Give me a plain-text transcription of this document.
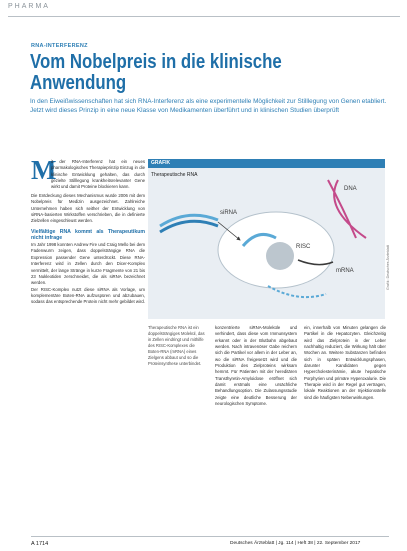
PHARMA
RNA-INTERFERENZ
Vom Nobelpreis in die klinische
Anwendung
In den Eiweißwissenschaften hat sich RNA-Interferenz als eine experimentelle Möglichkeit zur Stilllegung von Genen etabliert. Jetzt wird dieses Prinzip in eine neue Klasse von Medikamenten überführt und in klinischen Studien überprüft
M

it der RNA-Interferenz hat ein neues pharmakologisches Therapieprinzip Einzug in die klinische Entwicklung gehalten, das durch gezielte Stilllegung krankheitsrelevanter Gene wirkt und damit Proteine blockieren kann.

Die Entdeckung dieses Mechanismus wurde 2006 mit dem Nobelpreis für Medizin ausgezeichnet. Zahlreiche Unternehmen haben sich seither der Entwicklung von siRNA-basierten Wirkstoffen verschrieben, die in definierte Zielzellen eingeschleust werden.

Vielfältige RNA kommt als Therapeutikum nicht infrage

Im Jahr 1998 konnten Andrew Fire und Craig Mello bei dem Fadenwurm zeigen, dass doppelsträngige RNA die Expression passender Gene unterdrückt. Diese RNA-Interferenz wird in Zellen durch den Dicer-Komplex vermittelt, der lange Stränge in kurze Fragmente von 21 bis 23 Nukleotiden zerschneidet, die als siRNA bezeichnet werden.

Der RISC-Komplex nutzt diese siRNA als Vorlage, um komplementäre Boten-RNA aufzuspüren und abzubauen, sodass das entsprechende Protein nicht mehr gebildet wird.

GRAFIK
siRNA
RISC
mRNA
DNA
Therapeutische RNA
Grafik: Deutsches Ärzteblatt
Therapeutische RNA ist ein doppelsträngiges Molekül, das in Zellen eindringt und mithilfe des RISC-Komplexes die Boten-RNA (mRNA) eines Zielgens abbaut und so die Proteinsynthese unterbindet.

konzentrierte siRNA-Moleküle und verhindert, dass diese vom Immunsystem erkannt oder in der Blutbahn abgebaut werden. Nach intravenöser Gabe reichern sich die Partikel vor allem in der Leber an, wo die siRNA freigesetzt wird und die Produktion des Zielproteins wirksam hemmt. Für Patienten mit der hereditären Transthyretin-Amyloidose eröffnet sich damit erstmals eine ursächliche Behandlungsoption. Die Zulassungsstudie zeigte eine deutliche Besserung der neurologischen Symptome.

ein, innerhalb von Minuten gelangen die Partikel in die Hepatozyten. Gleichzeitig wird das Zielprotein in der Leber nachhaltig reduziert, die Wirkung hält über Wochen an. Weitere Substanzen befinden sich in späten Entwicklungsphasen, darunter Kandidaten gegen Hypercholesterinämie, akute hepatische Porphyrien und primäre Hyperoxalurie. Die Therapie wird in der Regel gut vertragen, lokale Reaktionen an der Injektionsstelle sind die häufigsten Nebenwirkungen.

A 1714	Deutsches Ärzteblatt | Jg. 114 | Heft 38 | 22. September 2017
